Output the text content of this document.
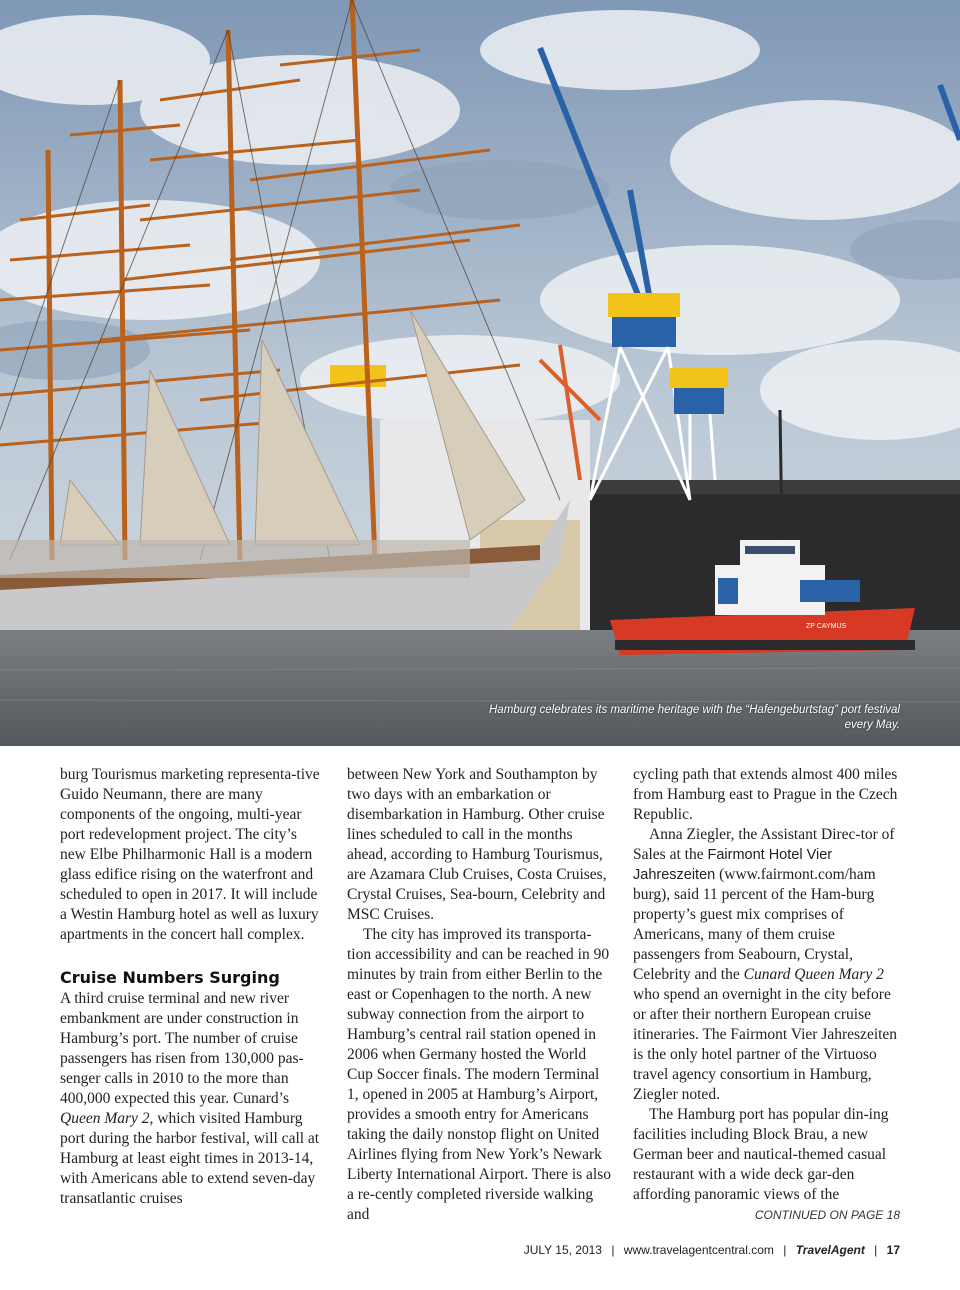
ZP CAYMUS
Hamburg celebrates its maritime heritage with the “Hafengeburtstag” port festival every May.

burg Tourismus marketing representa-tive Guido Neumann, there are many components of the ongoing, multi-year port redevelopment project. The city’s new Elbe Philharmonic Hall is a modern glass edifice rising on the waterfront and scheduled to open in 2017. It will include a Westin Hamburg hotel as well as luxury apartments in the concert hall complex.

Cruise Numbers Surging

A third cruise terminal and new river embankment are under construction in Hamburg’s port. The number of cruise passengers has risen from 130,000 pas-senger calls in 2010 to the more than 400,000 expected this year. Cunard’s Queen Mary 2, which visited Hamburg port during the harbor festival, will call at Hamburg at least eight times in 2013-14, with Americans able to extend seven-day transatlantic cruises

between New York and Southampton by two days with an embarkation or disembarkation in Hamburg. Other cruise lines scheduled to call in the months ahead, according to Hamburg Tourismus, are Azamara Club Cruises, Costa Cruises, Crystal Cruises, Sea-bourn, Celebrity and MSC Cruises.

The city has improved its transporta-tion accessibility and can be reached in 90 minutes by train from either Berlin to the east or Copenhagen to the north. A new subway connection from the airport to Hamburg’s central rail station opened in 2006 when Germany hosted the World Cup Soccer finals. The modern Terminal 1, opened in 2005 at Hamburg’s Airport, provides a smooth entry for Americans taking the daily nonstop flight on United Airlines flying from New York’s Newark Liberty International Airport. There is also a re-cently completed riverside walking and

cycling path that extends almost 400 miles from Hamburg east to Prague in the Czech Republic.

Anna Ziegler, the Assistant Direc-tor of Sales at the Fairmont Hotel Vier Jahreszeiten (www.fairmont.com/ham burg), said 11 percent of the Ham-burg property’s guest mix comprises of Americans, many of them cruise passengers from Seabourn, Crystal, Celebrity and the Cunard Queen Mary 2 who spend an overnight in the city before or after their northern European cruise itineraries. The Fairmont Vier Jahreszeiten is the only hotel partner of the Virtuoso travel agency consortium in Hamburg, Ziegler noted.

The Hamburg port has popular din-ing facilities including Block Brau, a new German beer and nautical-themed casual restaurant with a wide deck gar-den affording panoramic views of the

CONTINUED ON PAGE 18
JULY 15, 2013 | www.travelagentcentral.com | TravelAgent | 17
